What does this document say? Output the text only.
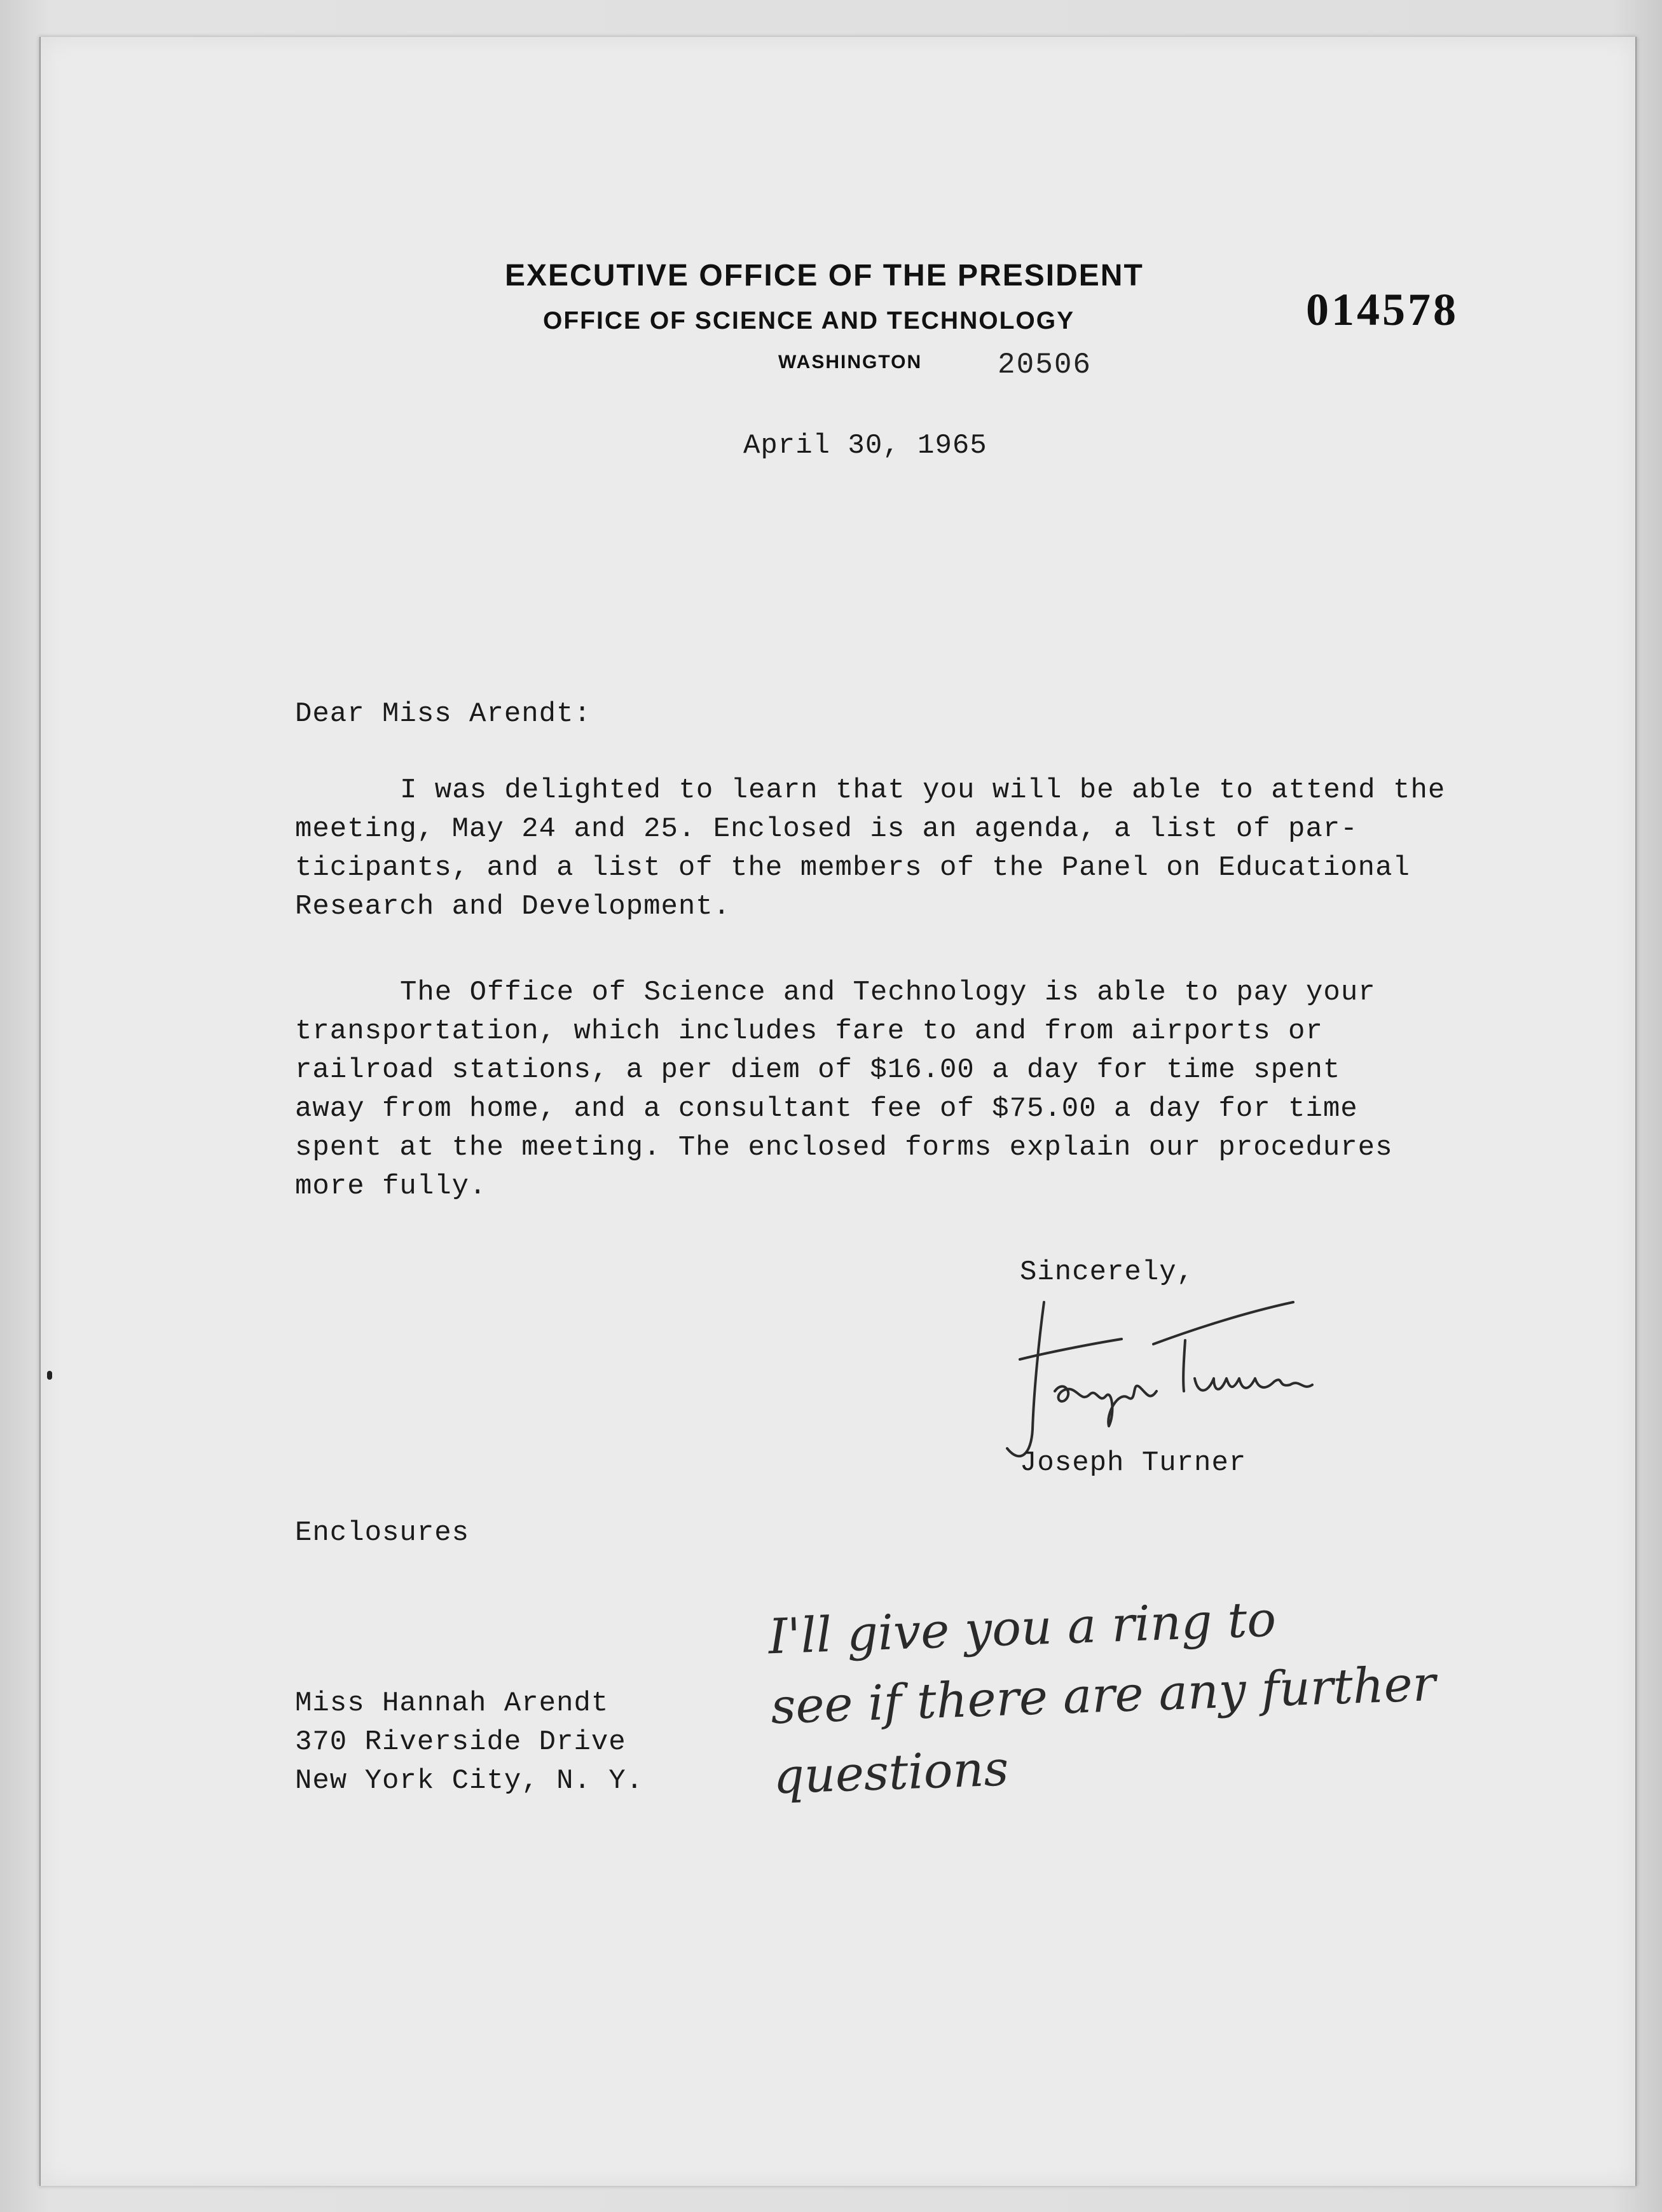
EXECUTIVE OFFICE OF THE PRESIDENT
OFFICE OF SCIENCE AND TECHNOLOGY
WASHINGTON	20506
014578
April 30, 1965
Dear Miss Arendt:
I was delighted to learn that you will be able to attend the
meeting, May 24 and 25. Enclosed is an agenda, a list of par-
ticipants, and a list of the members of the Panel on Educational
Research and Development.
The Office of Science and Technology is able to pay your
transportation, which includes fare to and from airports or
railroad stations, a per diem of $16.00 a day for time spent
away from home, and a consultant fee of $75.00 a day for time
spent at the meeting. The enclosed forms explain our procedures
more fully.
Sincerely,
Joseph Turner
Enclosures
Miss Hannah Arendt
370 Riverside Drive
New York City, N. Y.
I'll give you a ring to
see if there are any further
questions
